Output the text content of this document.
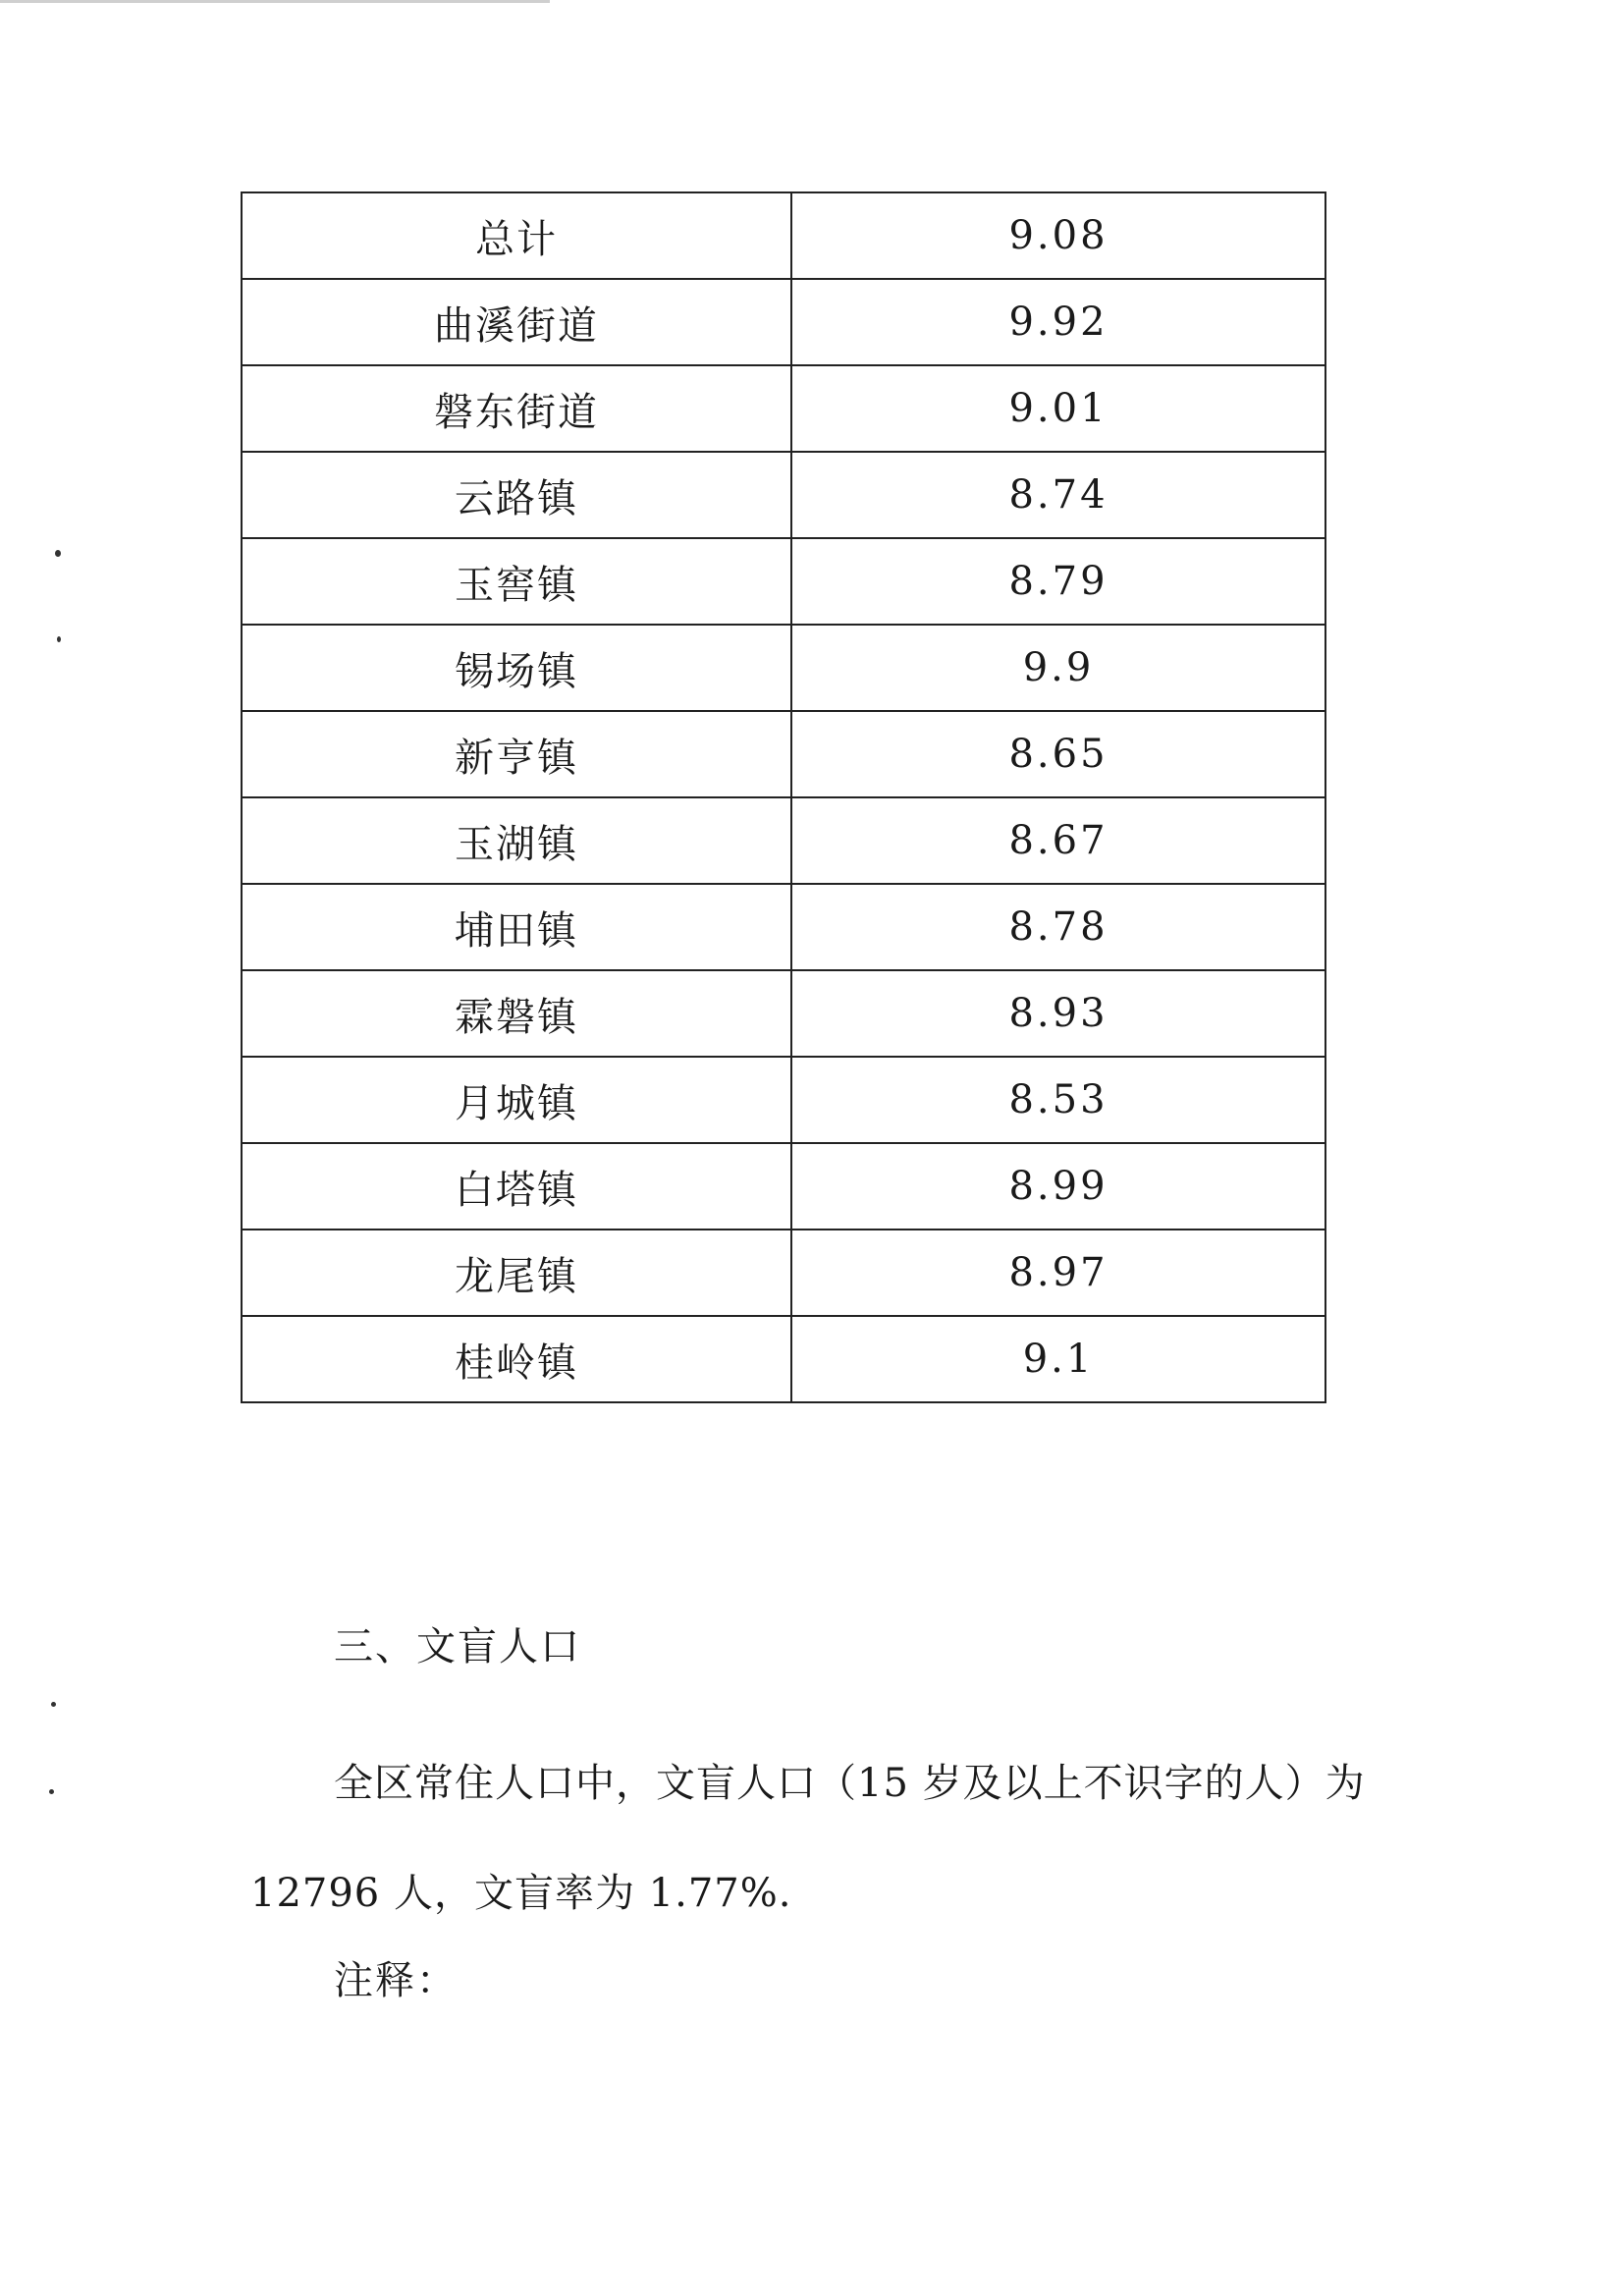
总计	9.08
曲溪街道	9.92
磐东街道	9.01
云路镇	8.74
玉窖镇	8.79
锡场镇	9.9
新亨镇	8.65
玉湖镇	8.67
埔田镇	8.78
霖磐镇	8.93
月城镇	8.53
白塔镇	8.99
龙尾镇	8.97
桂岭镇	9.1
三、文盲人口

全区常住人口中，文盲人口（15 岁及以上不识字的人）为 12796 人，文盲率为 1.77%.

注释：
